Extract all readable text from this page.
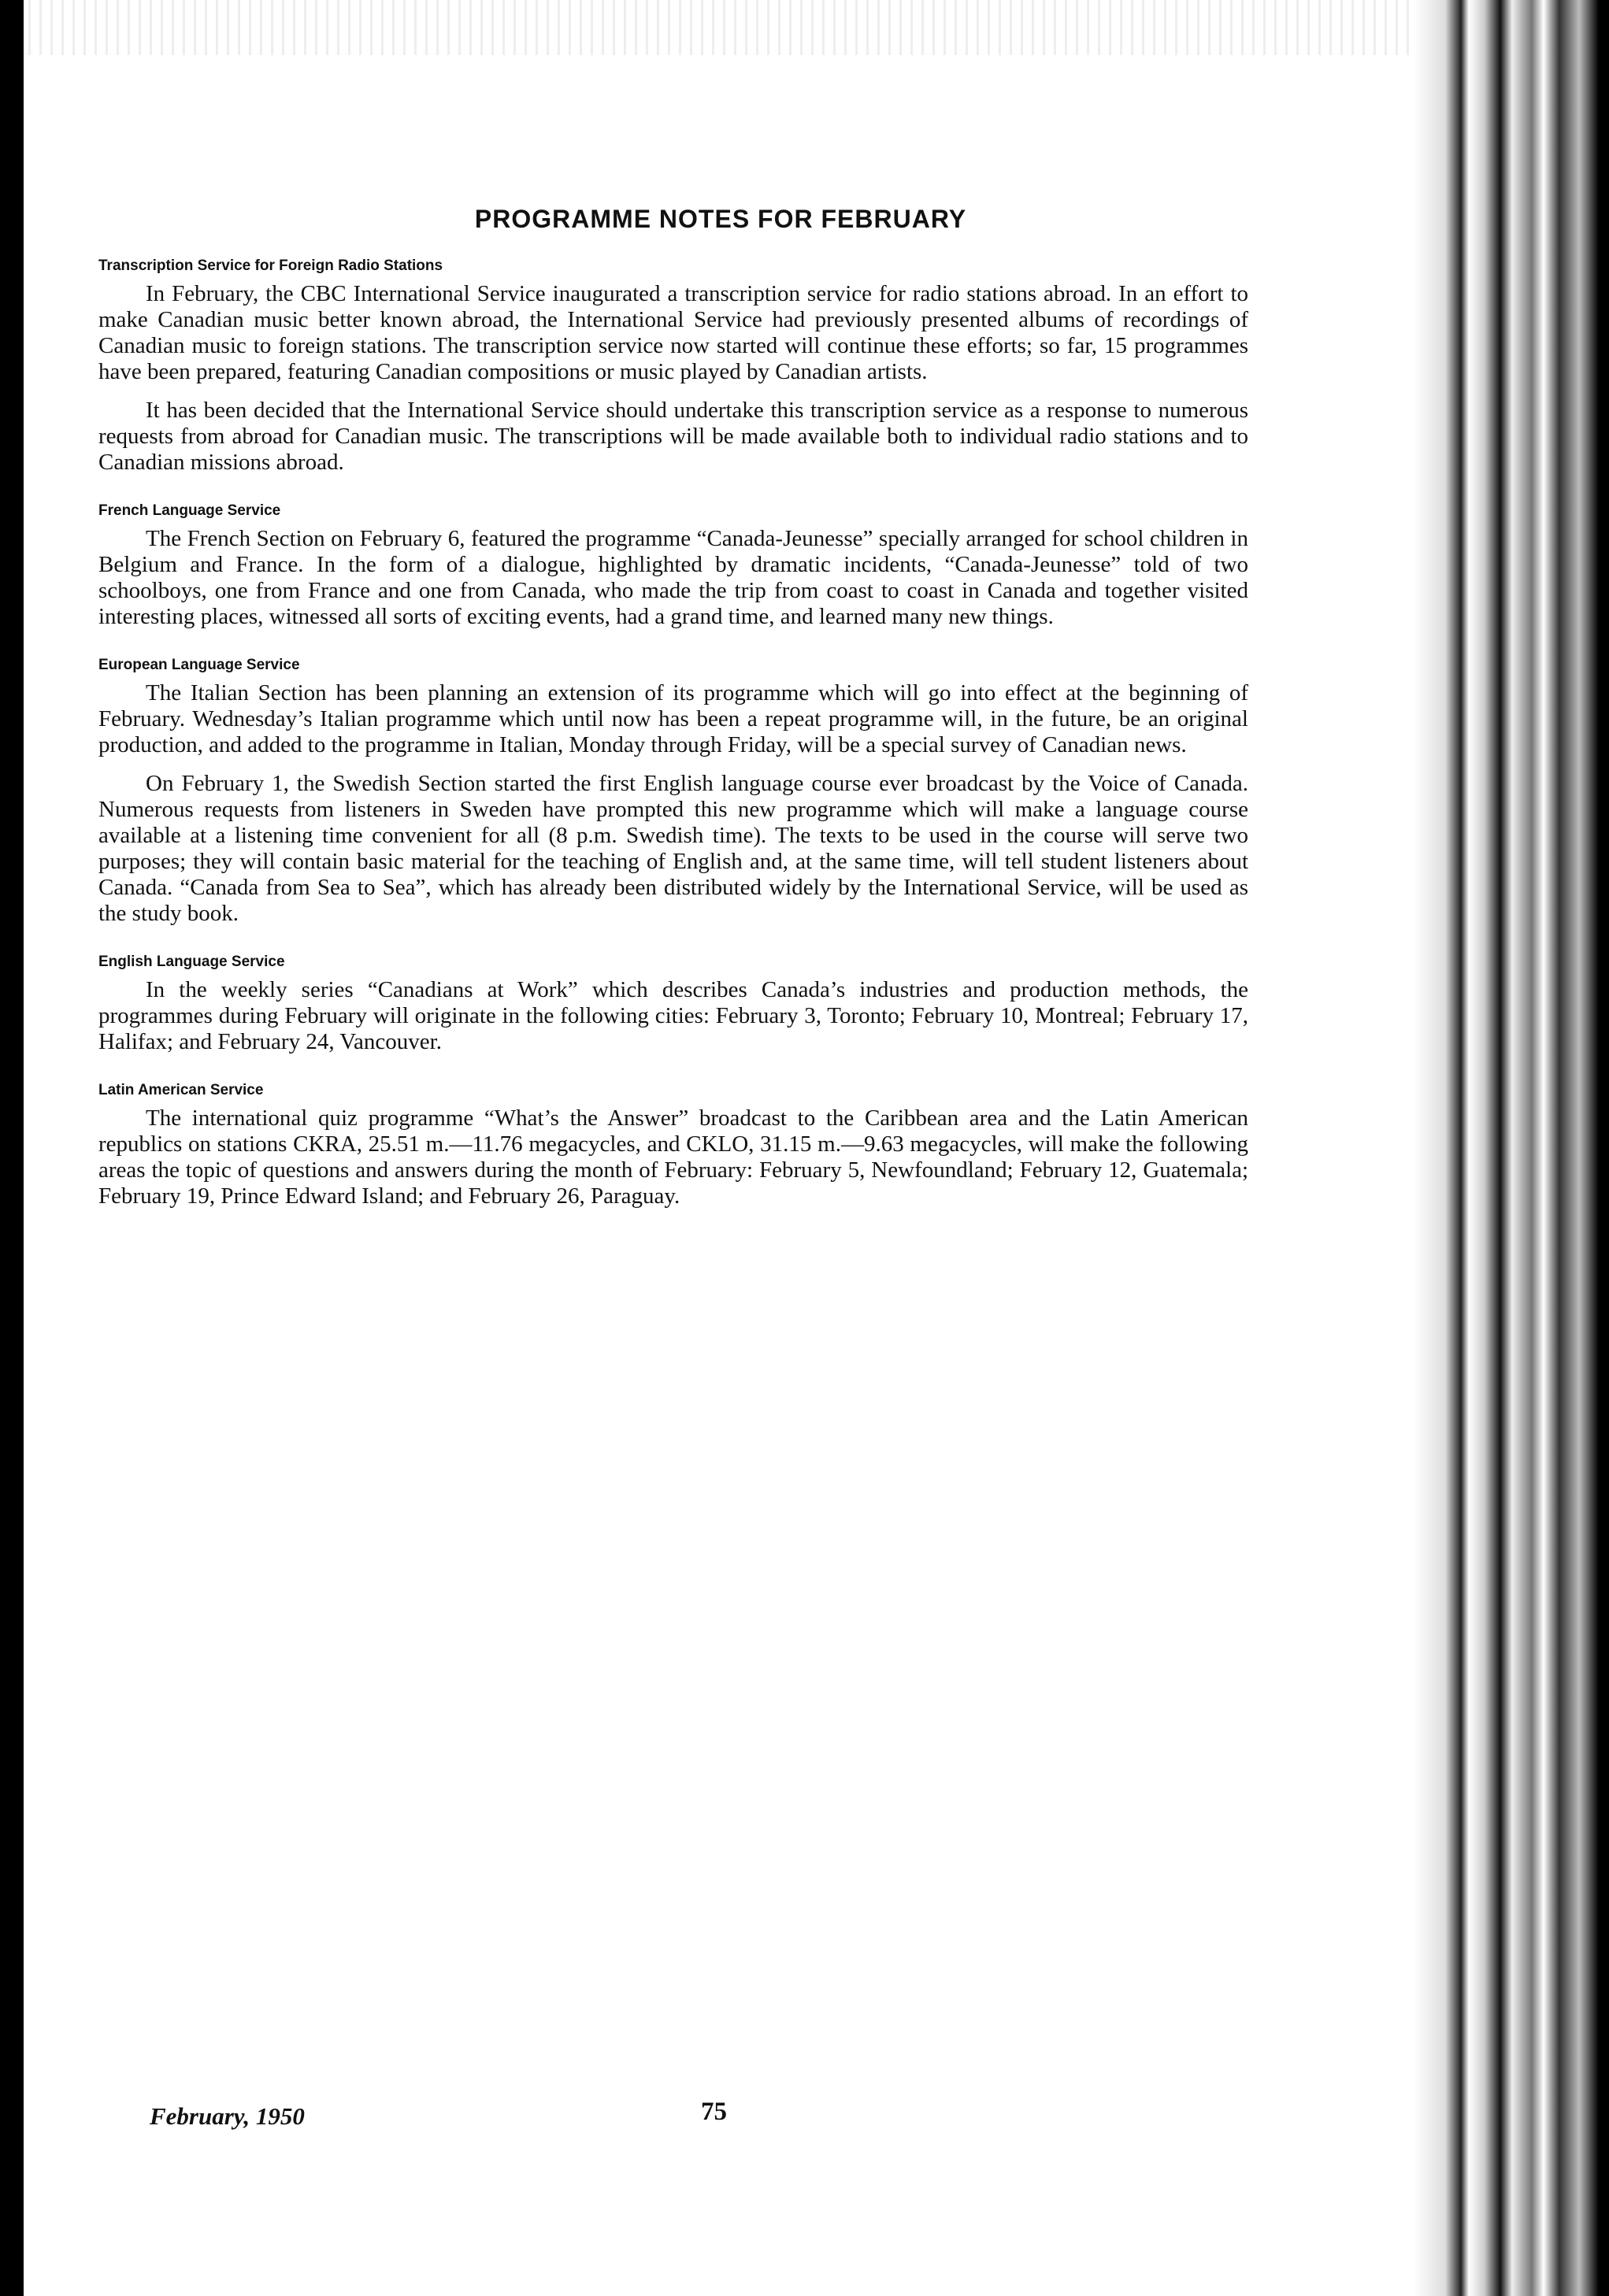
PROGRAMME NOTES FOR FEBRUARY
Transcription Service for Foreign Radio Stations

In February, the CBC International Service inaugurated a transcription service for radio stations abroad. In an effort to make Canadian music better known abroad, the International Service had previously presented albums of recordings of Canadian music to foreign stations. The transcription service now started will continue these efforts; so far, 15 programmes have been prepared, featuring Canadian compositions or music played by Canadian artists.

It has been decided that the International Service should undertake this transcription service as a response to numerous requests from abroad for Canadian music. The transcriptions will be made available both to individual radio stations and to Canadian missions abroad.

French Language Service

The French Section on February 6, featured the programme “Canada-Jeunesse” specially arranged for school children in Belgium and France. In the form of a dialogue, highlighted by dramatic incidents, “Canada-Jeunesse” told of two schoolboys, one from France and one from Canada, who made the trip from coast to coast in Canada and together visited interesting places, witnessed all sorts of exciting events, had a grand time, and learned many new things.

European Language Service

The Italian Section has been planning an extension of its programme which will go into effect at the beginning of February. Wednesday’s Italian programme which until now has been a repeat programme will, in the future, be an original production, and added to the programme in Italian, Monday through Friday, will be a special survey of Canadian news.

On February 1, the Swedish Section started the first English language course ever broadcast by the Voice of Canada. Numerous requests from listeners in Sweden have prompted this new programme which will make a language course available at a listening time convenient for all (8 p.m. Swedish time). The texts to be used in the course will serve two purposes; they will contain basic material for the teaching of English and, at the same time, will tell student listeners about Canada. “Canada from Sea to Sea”, which has already been distributed widely by the International Service, will be used as the study book.

English Language Service

In the weekly series “Canadians at Work” which describes Canada’s industries and production methods, the programmes during February will originate in the following cities: February 3, Toronto; February 10, Montreal; February 17, Halifax; and February 24, Vancouver.

Latin American Service

The international quiz programme “What’s the Answer” broadcast to the Caribbean area and the Latin American republics on stations CKRA, 25.51 m.—11.76 megacycles, and CKLO, 31.15 m.—9.63 megacycles, will make the following areas the topic of questions and answers during the month of February: February 5, Newfoundland; February 12, Guatemala; February 19, Prince Edward Island; and February 26, Paraguay.

February, 1950	75
